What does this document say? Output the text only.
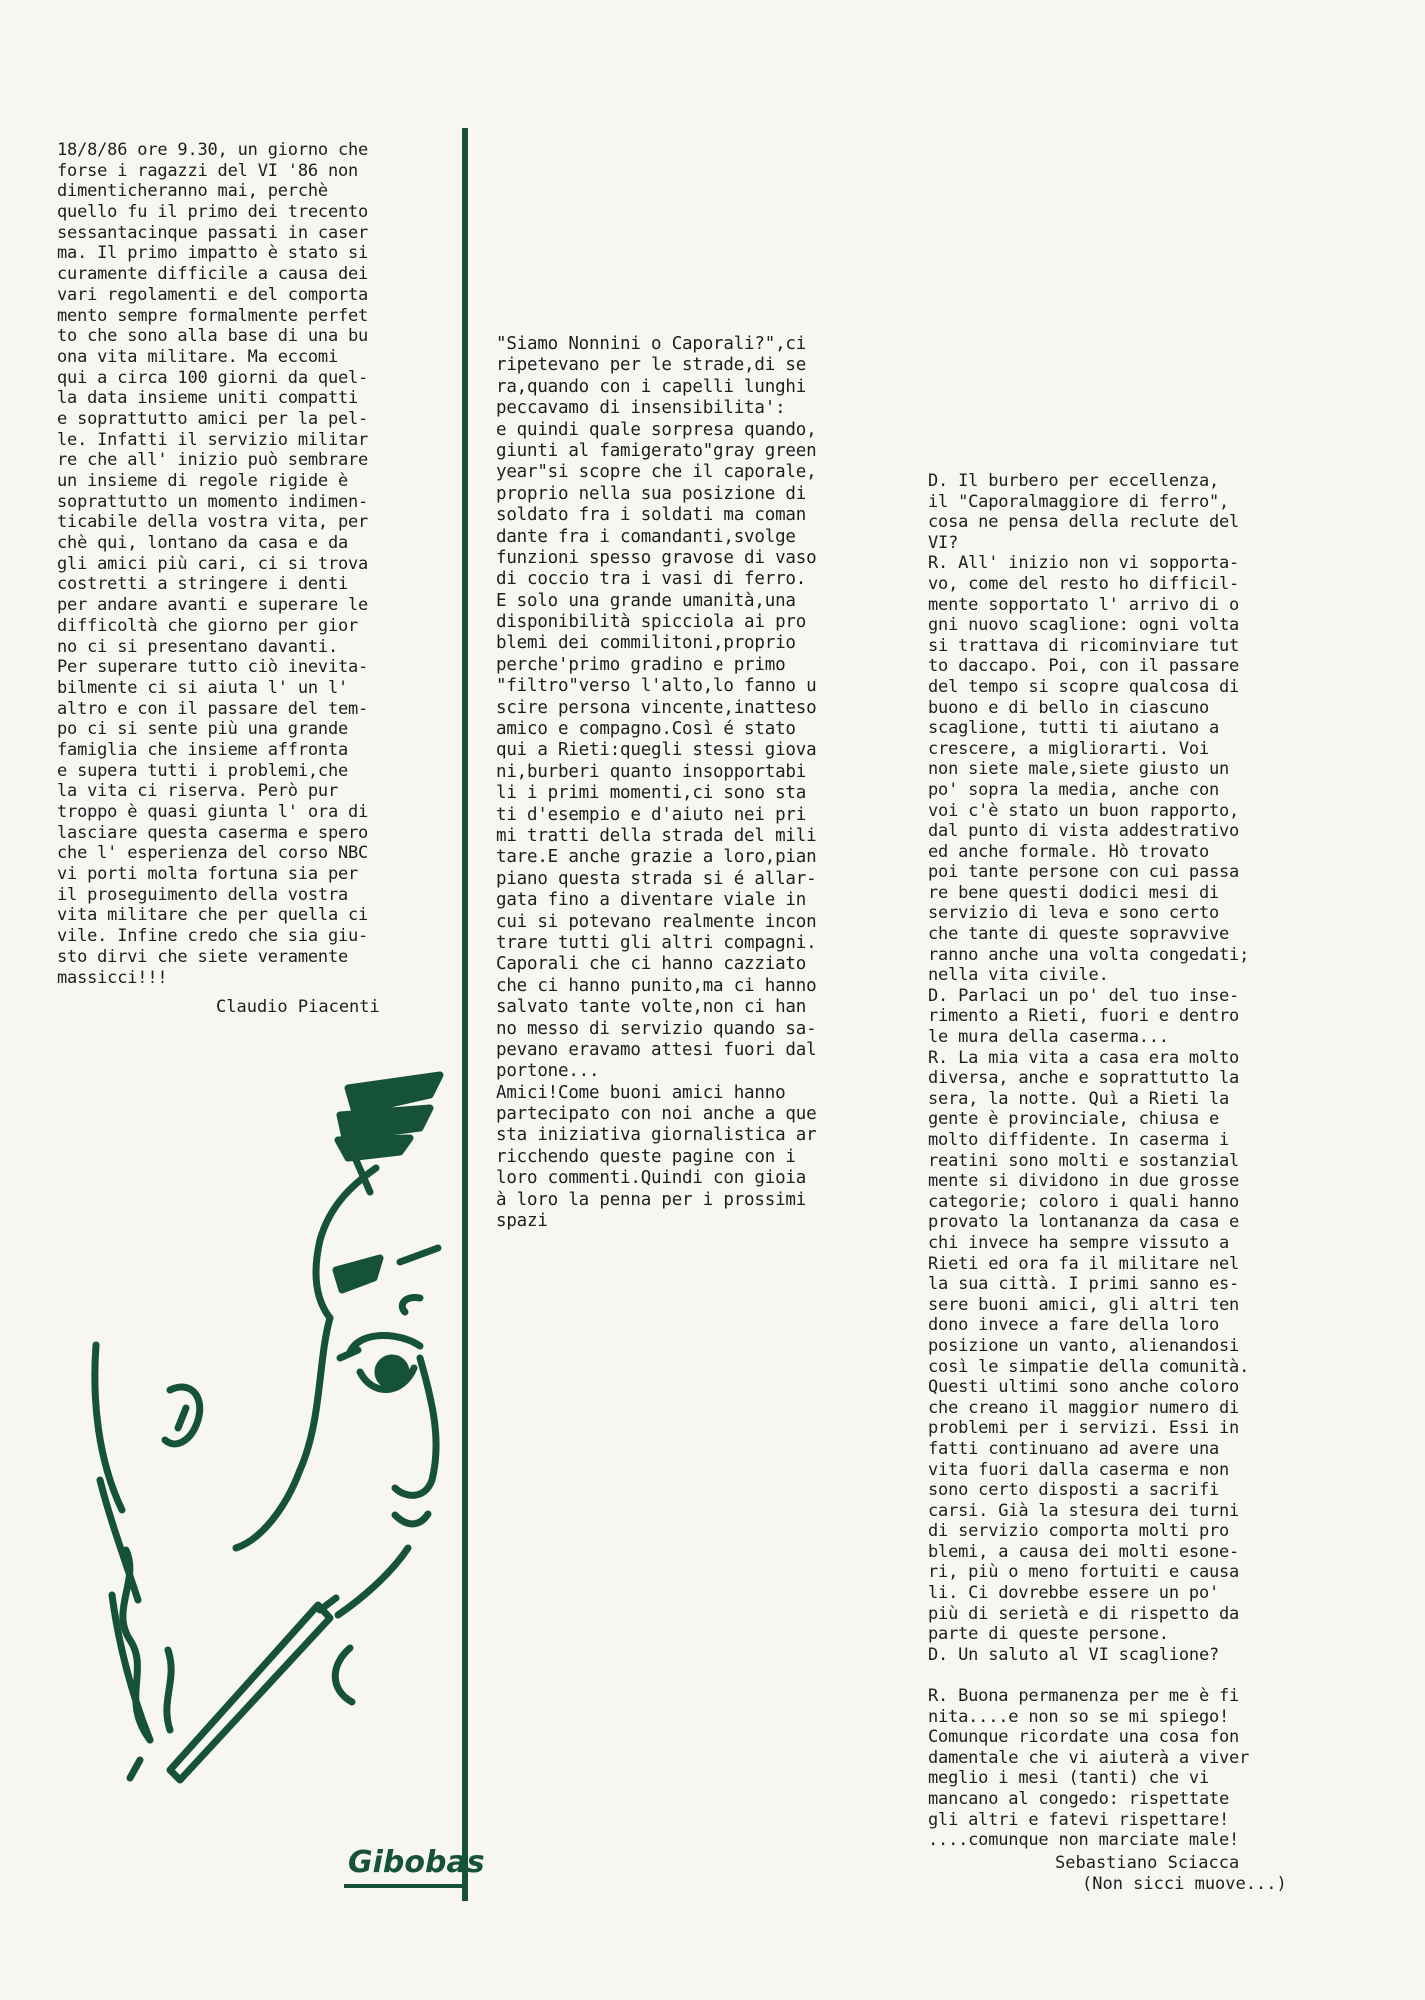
18/8/86 ore 9.30, un giorno che
forse i ragazzi del VI '86 non
dimenticheranno mai, perchè
quello fu il primo dei trecento
sessantacinque passati in caser
ma. Il primo impatto è stato si
curamente difficile a causa dei
vari regolamenti e del comporta
mento sempre formalmente perfet
to che sono alla base di una bu
ona vita militare. Ma eccomi
qui a circa 100 giorni da quel-
la data insieme uniti compatti
e soprattutto amici per la pel-
le. Infatti il servizio militar
re che all' inizio può sembrare
un insieme di regole rigide è
soprattutto un momento indimen-
ticabile della vostra vita, per
chè qui, lontano da casa e da
gli amici più cari, ci si trova
costretti a stringere i denti
per andare avanti e superare le
difficoltà che giorno per gior
no ci si presentano davanti.
Per superare tutto ciò inevita-
bilmente ci si aiuta l' un l'
altro e con il passare del tem-
po ci si sente più una grande
famiglia che insieme affronta
e supera tutti i problemi,che
la vita ci riserva. Però pur
troppo è quasi giunta l' ora di
lasciare questa caserma e spero
che l' esperienza del corso NBC
vi porti molta fortuna sia per
il proseguimento della vostra
vita militare che per quella ci
vile. Infine credo che sia giu-
sto dirvi che siete veramente
massicci!!!
Claudio Piacenti
"Siamo Nonnini o Caporali?",ci
ripetevano per le strade,di se
ra,quando con i capelli lunghi
peccavamo di insensibilita':
e quindi quale sorpresa quando,
giunti al famigerato"gray green
year"si scopre che il caporale,
proprio nella sua posizione di
soldato fra i soldati ma coman
dante fra i comandanti,svolge
funzioni spesso gravose di vaso
di coccio tra i vasi di ferro.
E solo una grande umanità,una
disponibilità spicciola ai pro
blemi dei commilitoni,proprio
perche'primo gradino e primo
"filtro"verso l'alto,lo fanno u
scire persona vincente,inatteso
amico e compagno.Così é stato
qui a Rieti:quegli stessi giova
ni,burberi quanto insopportabi
li i primi momenti,ci sono sta
ti d'esempio e d'aiuto nei pri
mi tratti della strada del mili
tare.E anche grazie a loro,pian
piano questa strada si é allar-
gata fino a diventare viale in
cui si potevano realmente incon
trare tutti gli altri compagni.
Caporali che ci hanno cazziato
che ci hanno punito,ma ci hanno
salvato tante volte,non ci han
no messo di servizio quando sa-
pevano eravamo attesi fuori dal
portone...
Amici!Come buoni amici hanno
partecipato con noi anche a que
sta iniziativa giornalistica ar
ricchendo queste pagine con i
loro commenti.Quindi con gioia
à loro la penna per i prossimi
spazi
D. Il burbero per eccellenza,
il "Caporalmaggiore di ferro",
cosa ne pensa della reclute del
VI?
R. All' inizio non vi sopporta-
vo, come del resto ho difficil-
mente sopportato l' arrivo di o
gni nuovo scaglione: ogni volta
si trattava di ricominviare tut
to daccapo. Poi, con il passare
del tempo si scopre qualcosa di
buono e di bello in ciascuno
scaglione, tutti ti aiutano a
crescere, a migliorarti. Voi
non siete male,siete giusto un
po' sopra la media, anche con
voi c'è stato un buon rapporto,
dal punto di vista addestrativo
ed anche formale. Hò trovato
poi tante persone con cui passa
re bene questi dodici mesi di
servizio di leva e sono certo
che tante di queste sopravvive
ranno anche una volta congedati;
nella vita civile.
D. Parlaci un po' del tuo inse-
rimento a Rieti, fuori e dentro
le mura della caserma...
R. La mia vita a casa era molto
diversa, anche e soprattutto la
sera, la notte. Quì a Rieti la
gente è provinciale, chiusa e
molto diffidente. In caserma i
reatini sono molti e sostanzial
mente si dividono in due grosse
categorie; coloro i quali hanno
provato la lontananza da casa e
chi invece ha sempre vissuto a
Rieti ed ora fa il militare nel
la sua città. I primi sanno es-
sere buoni amici, gli altri ten
dono invece a fare della loro
posizione un vanto, alienandosi
così le simpatie della comunità.
Questi ultimi sono anche coloro
che creano il maggior numero di
problemi per i servizi. Essi in
fatti continuano ad avere una
vita fuori dalla caserma e non
sono certo disposti a sacrifi
carsi. Già la stesura dei turni
di servizio comporta molti pro
blemi, a causa dei molti esone-
ri, più o meno fortuiti e causa
li. Ci dovrebbe essere un po'
più di serietà e di rispetto da
parte di queste persone.
D. Un saluto al VI scaglione?
R. Buona permanenza per me è fi
nita....e non so se mi spiego!
Comunque ricordate una cosa fon
damentale che vi aiuterà a viver
meglio i mesi (tanti) che vi
mancano al congedo: rispettate
gli altri e fatevi rispettare!
....comunque non marciate male!
Sebastiano Sciacca
(Non sicci muove...)
Gibobas
